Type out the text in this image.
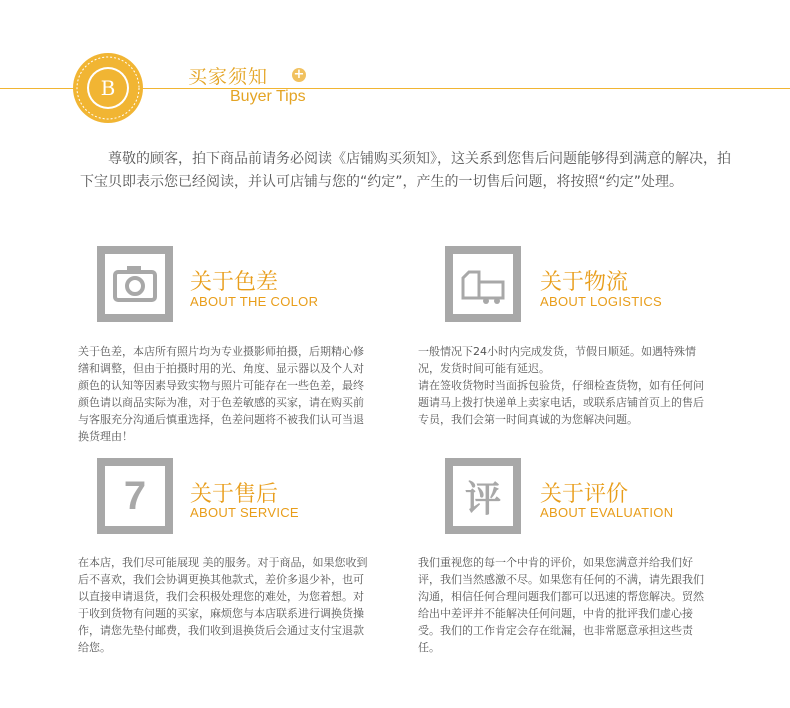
B	买家须知 +
Buyer Tips
尊敬的顾客，拍下商品前请务必阅读《店铺购买须知》，这关系到您售后问题能够得到满意的解决，拍下宝贝即表示您已经阅读，并认可店铺与您的“约定”，产生的一切售后问题，将按照“约定”处理。
关于色差
ABOUT THE COLOR
关于色差，本店所有照片均为专业摄影师拍摄，后期精心修缮和调整，但由于拍摄时用的光、角度、显示器以及个人对颜色的认知等因素导致实物与照片可能存在一些色差，最终颜色请以商品实际为准，对于色差敏感的买家，请在购买前与客服充分沟通后慎重选择，色差问题将不被我们认可当退换货理由！
关于物流
ABOUT LOGISTICS
一般情况下24小时内完成发货，节假日顺延。如遇特殊情况，发货时间可能有延迟。
请在签收货物时当面拆包验货，仔细检查货物，如有任何问题请马上拨打快递单上卖家电话，或联系店铺首页上的售后专员，我们会第一时间真诚的为您解决问题。
7	关于售后
ABOUT SERVICE
在本店，我们尽可能展现 美的服务。对于商品，如果您收到后不喜欢，我们会协调更换其他款式，差价多退少补，也可以直接申请退货，我们会积极处理您的难处，为您着想。对于收到货物有问题的买家，麻烦您与本店联系进行调换货操作，请您先垫付邮费，我们收到退换货后会通过支付宝退款给您。
评	关于评价
ABOUT EVALUATION
我们重视您的每一个中肯的评价，如果您满意并给我们好评，我们当然感激不尽。如果您有任何的不满，请先跟我们沟通，相信任何合理问题我们都可以迅速的帮您解决。贸然给出中差评并不能解决任何问题，中肯的批评我们虚心接受。我们的工作肯定会存在纰漏，也非常愿意承担这些责任。
